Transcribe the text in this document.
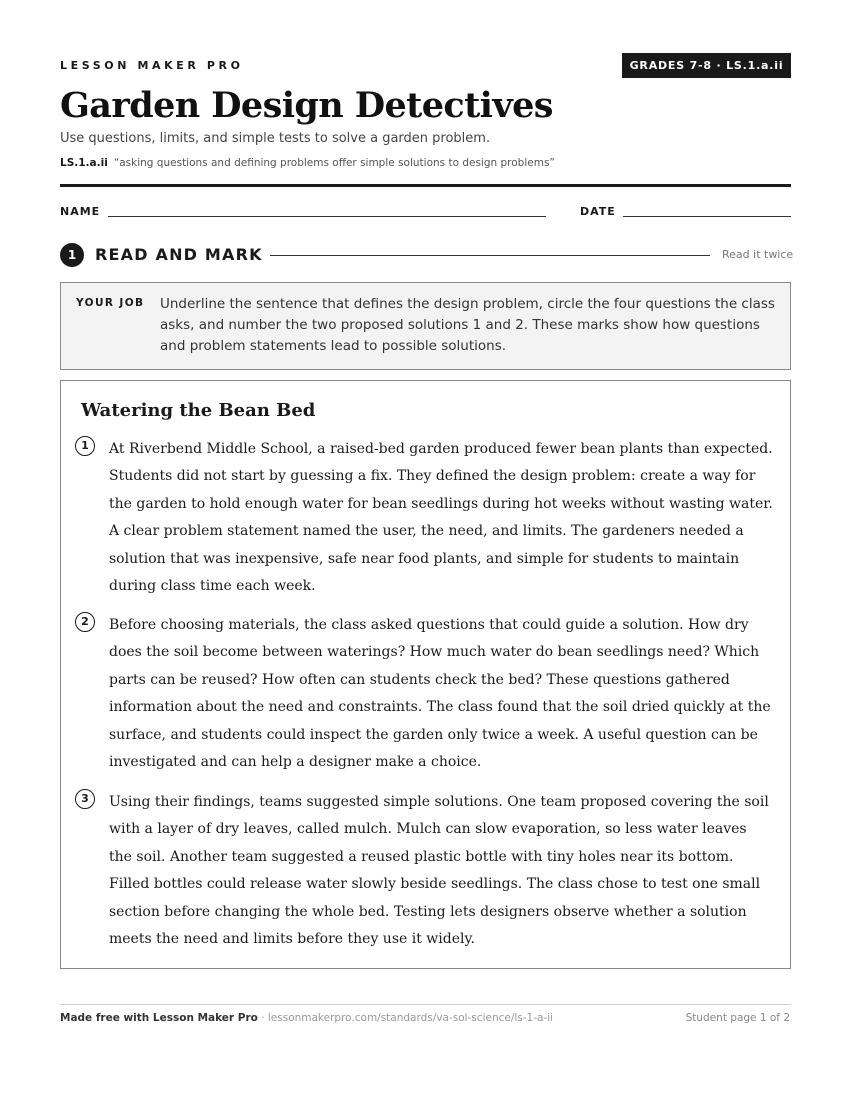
LESSON MAKER PRO	GRADES 7-8 · LS.1.a.ii
Garden Design Detectives
Use questions, limits, and simple tests to solve a garden problem.
LS.1.a.ii “asking questions and defining problems offer simple solutions to design problems”
NAME	DATE
1	READ AND MARK	Read it twice
YOUR JOB Underline the sentence that defines the design problem, circle the four questions the class asks, and number the two proposed solutions 1 and 2. These marks show how questions and problem statements lead to possible solutions.
Watering the Bean Bed
1	At Riverbend Middle School, a raised-bed garden produced fewer bean plants than expected. Students did not start by guessing a fix. They defined the design problem: create a way for the garden to hold enough water for bean seedlings during hot weeks without wasting water. A clear problem statement named the user, the need, and limits. The gardeners needed a solution that was inexpensive, safe near food plants, and simple for students to maintain during class time each week.
2	Before choosing materials, the class asked questions that could guide a solution. How dry does the soil become between waterings? How much water do bean seedlings need? Which parts can be reused? How often can students check the bed? These questions gathered information about the need and constraints. The class found that the soil dried quickly at the surface, and students could inspect the garden only twice a week. A useful question can be investigated and can help a designer make a choice.
3	Using their findings, teams suggested simple solutions. One team proposed covering the soil with a layer of dry leaves, called mulch. Mulch can slow evaporation, so less water leaves the soil. Another team suggested a reused plastic bottle with tiny holes near its bottom. Filled bottles could release water slowly beside seedlings. The class chose to test one small section before changing the whole bed. Testing lets designers observe whether a solution meets the need and limits before they use it widely.
Made free with Lesson Maker Pro · lessonmakerpro.com/standards/va-sol-science/ls-1-a-ii	Student page 1 of 2
